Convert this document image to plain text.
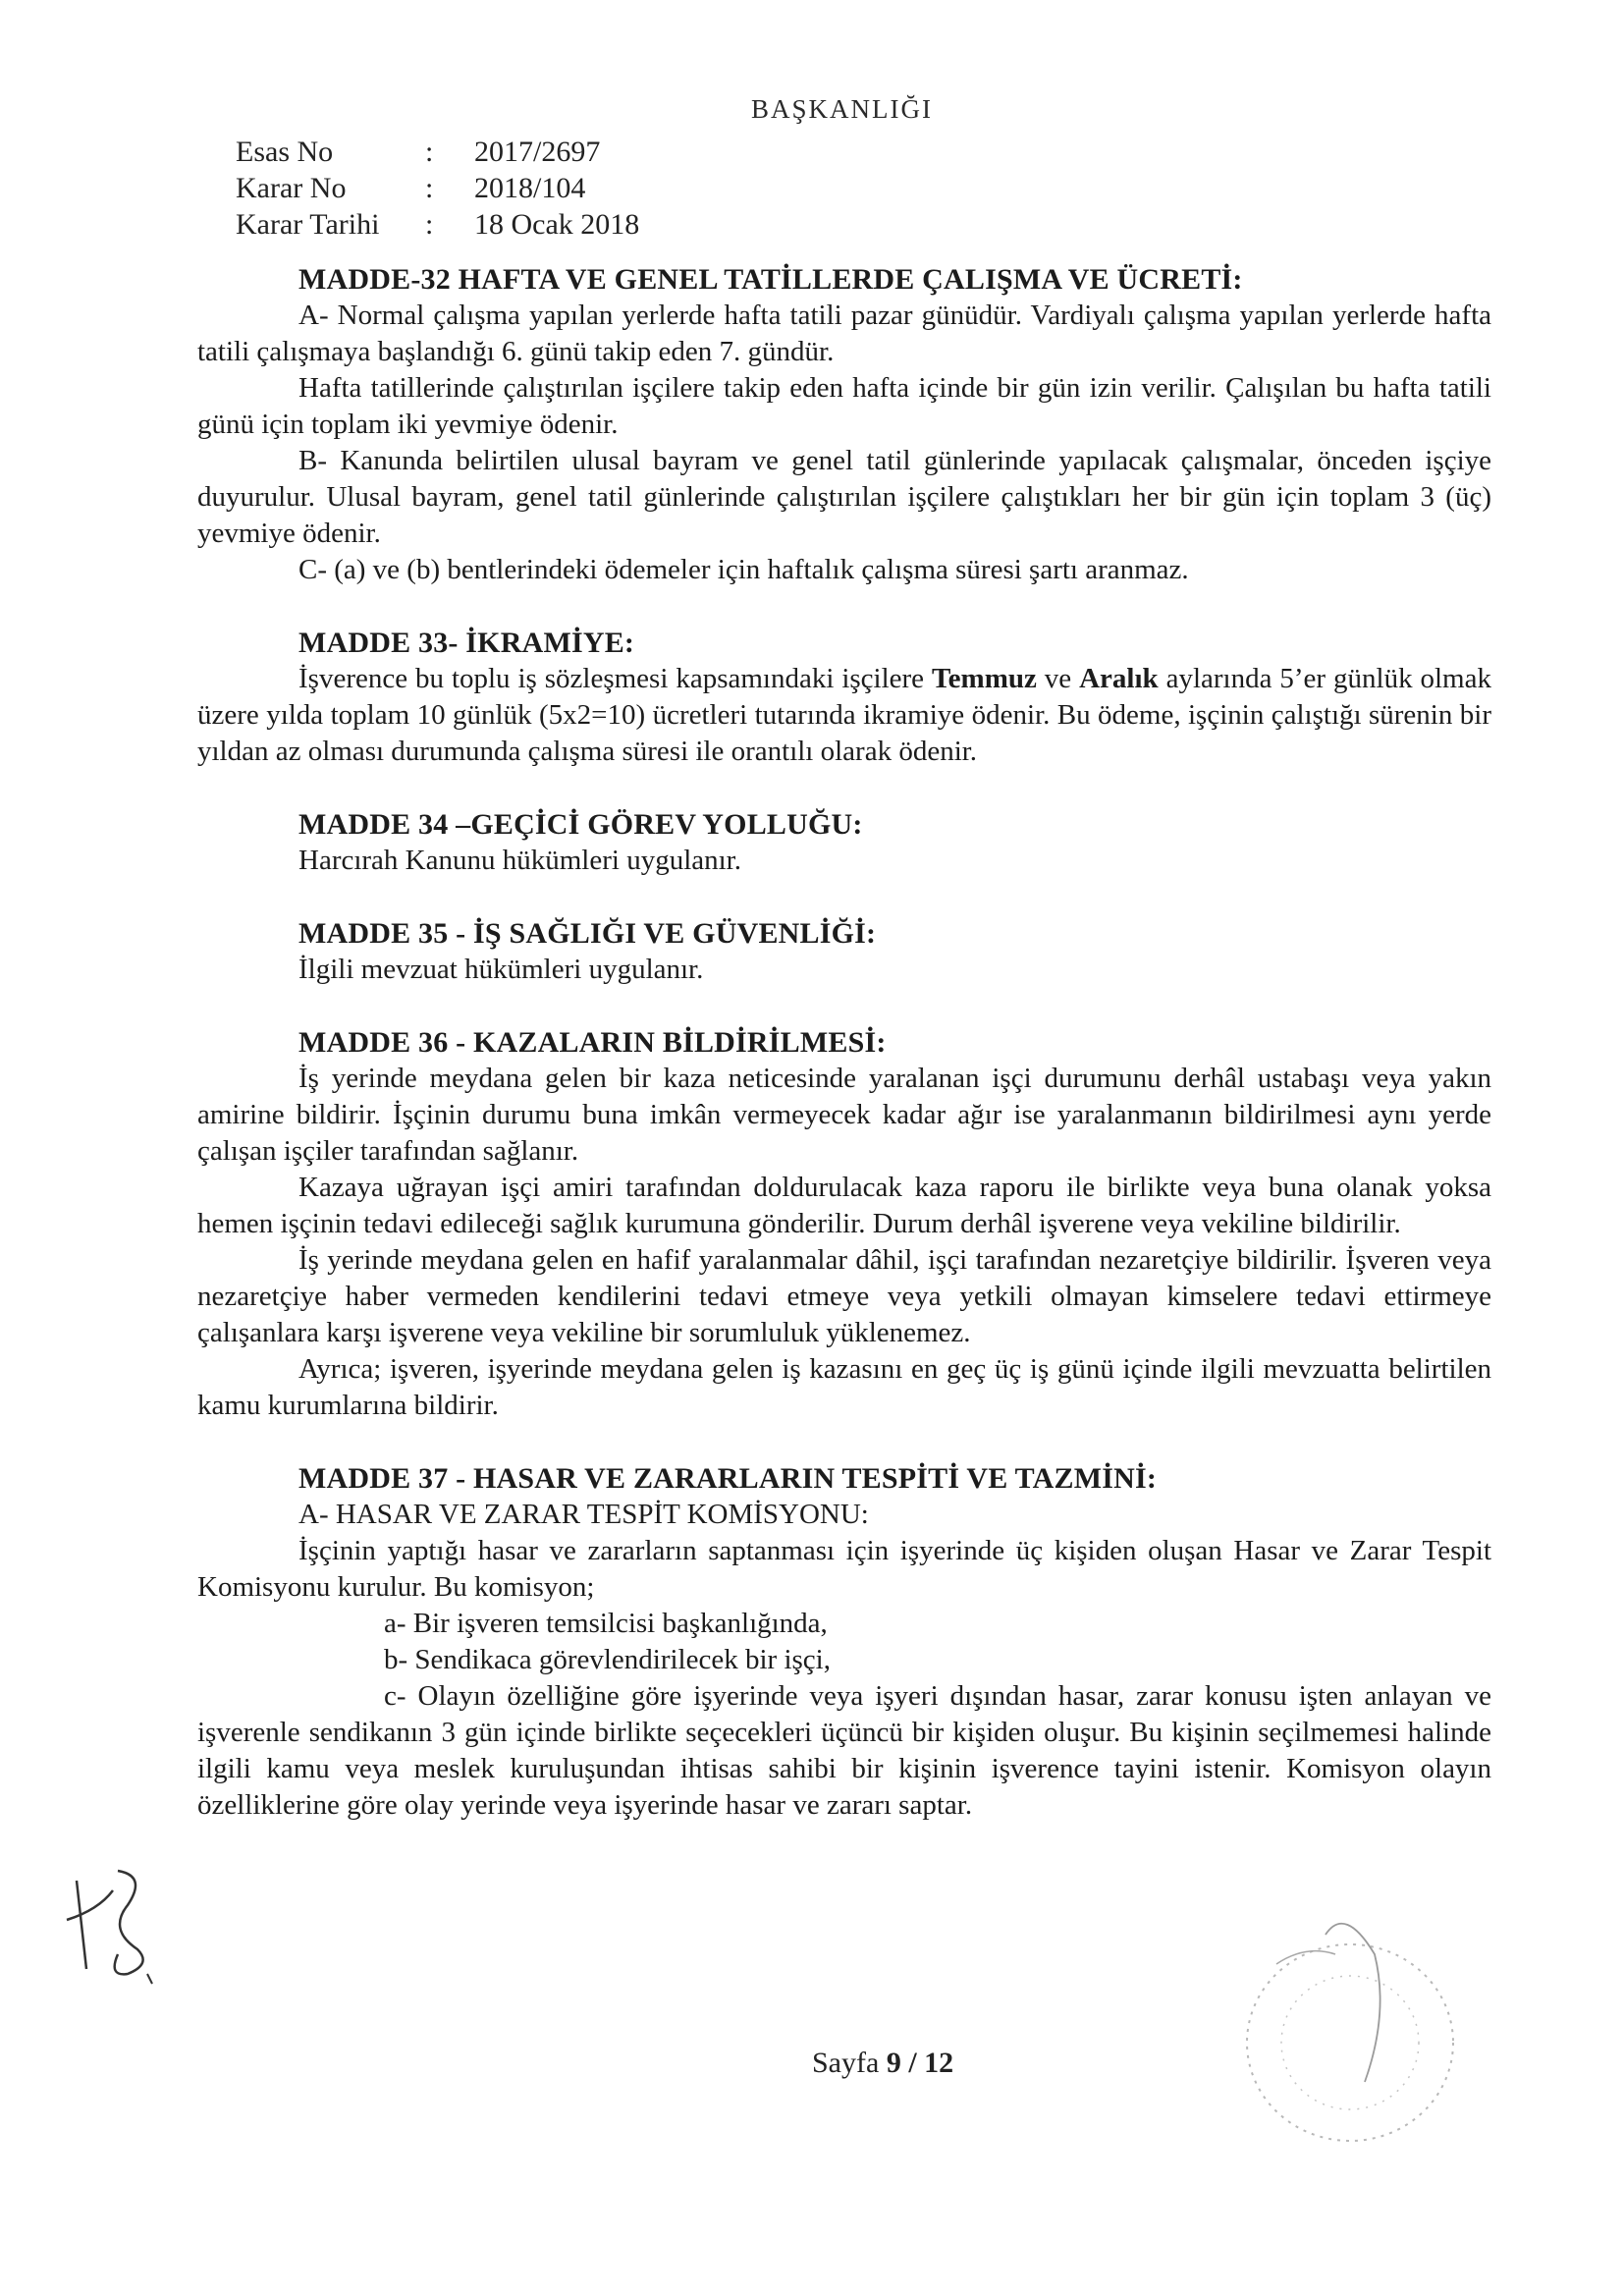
BAŞKANLIĞI
Esas No	:	2017/2697
Karar No	:	2018/104
Karar Tarihi	:	18 Ocak 2018

MADDE-32 HAFTA VE GENEL TATİLLERDE ÇALIŞMA VE ÜCRETİ:

A- Normal çalışma yapılan yerlerde hafta tatili pazar günüdür. Vardiyalı çalışma yapılan yerlerde hafta tatili çalışmaya başlandığı 6. günü takip eden 7. gündür.

Hafta tatillerinde çalıştırılan işçilere takip eden hafta içinde bir gün izin verilir. Çalışılan bu hafta tatili günü için toplam iki yevmiye ödenir.

B- Kanunda belirtilen ulusal bayram ve genel tatil günlerinde yapılacak çalışmalar, önceden işçiye duyurulur. Ulusal bayram, genel tatil günlerinde çalıştırılan işçilere çalıştıkları her bir gün için toplam 3 (üç) yevmiye ödenir.

C- (a) ve (b) bentlerindeki ödemeler için haftalık çalışma süresi şartı aranmaz.

MADDE 33- İKRAMİYE:

İşverence bu toplu iş sözleşmesi kapsamındaki işçilere Temmuz ve Aralık aylarında 5’er günlük olmak üzere yılda toplam 10 günlük (5x2=10) ücretleri tutarında ikramiye ödenir. Bu ödeme, işçinin çalıştığı sürenin bir yıldan az olması durumunda çalışma süresi ile orantılı olarak ödenir.

MADDE 34 –GEÇİCİ GÖREV YOLLUĞU:

Harcırah Kanunu hükümleri uygulanır.

MADDE 35 - İŞ SAĞLIĞI VE GÜVENLİĞİ:

İlgili mevzuat hükümleri uygulanır.

MADDE 36 - KAZALARIN BİLDİRİLMESİ:

İş yerinde meydana gelen bir kaza neticesinde yaralanan işçi durumunu derhâl ustabaşı veya yakın amirine bildirir. İşçinin durumu buna imkân vermeyecek kadar ağır ise yaralanmanın bildirilmesi aynı yerde çalışan işçiler tarafından sağlanır.

Kazaya uğrayan işçi amiri tarafından doldurulacak kaza raporu ile birlikte veya buna olanak yoksa hemen işçinin tedavi edileceği sağlık kurumuna gönderilir. Durum derhâl işverene veya vekiline bildirilir.

İş yerinde meydana gelen en hafif yaralanmalar dâhil, işçi tarafından nezaretçiye bildirilir. İşveren veya nezaretçiye haber vermeden kendilerini tedavi etmeye veya yetkili olmayan kimselere tedavi ettirmeye çalışanlara karşı işverene veya vekiline bir sorumluluk yüklenemez.

Ayrıca; işveren, işyerinde meydana gelen iş kazasını en geç üç iş günü içinde ilgili mevzuatta belirtilen kamu kurumlarına bildirir.

MADDE 37 - HASAR VE ZARARLARIN TESPİTİ VE TAZMİNİ:

A- HASAR VE ZARAR TESPİT KOMİSYONU:

İşçinin yaptığı hasar ve zararların saptanması için işyerinde üç kişiden oluşan Hasar ve Zarar Tespit Komisyonu kurulur. Bu komisyon;

a- Bir işveren temsilcisi başkanlığında,

b- Sendikaca görevlendirilecek bir işçi,

c- Olayın özelliğine göre işyerinde veya işyeri dışından hasar, zarar konusu işten anlayan ve işverenle sendikanın 3 gün içinde birlikte seçecekleri üçüncü bir kişiden oluşur. Bu kişinin seçilmemesi halinde ilgili kamu veya meslek kuruluşundan ihtisas sahibi bir kişinin işverence tayini istenir. Komisyon olayın özelliklerine göre olay yerinde veya işyerinde hasar ve zararı saptar.

Sayfa 9 / 12
